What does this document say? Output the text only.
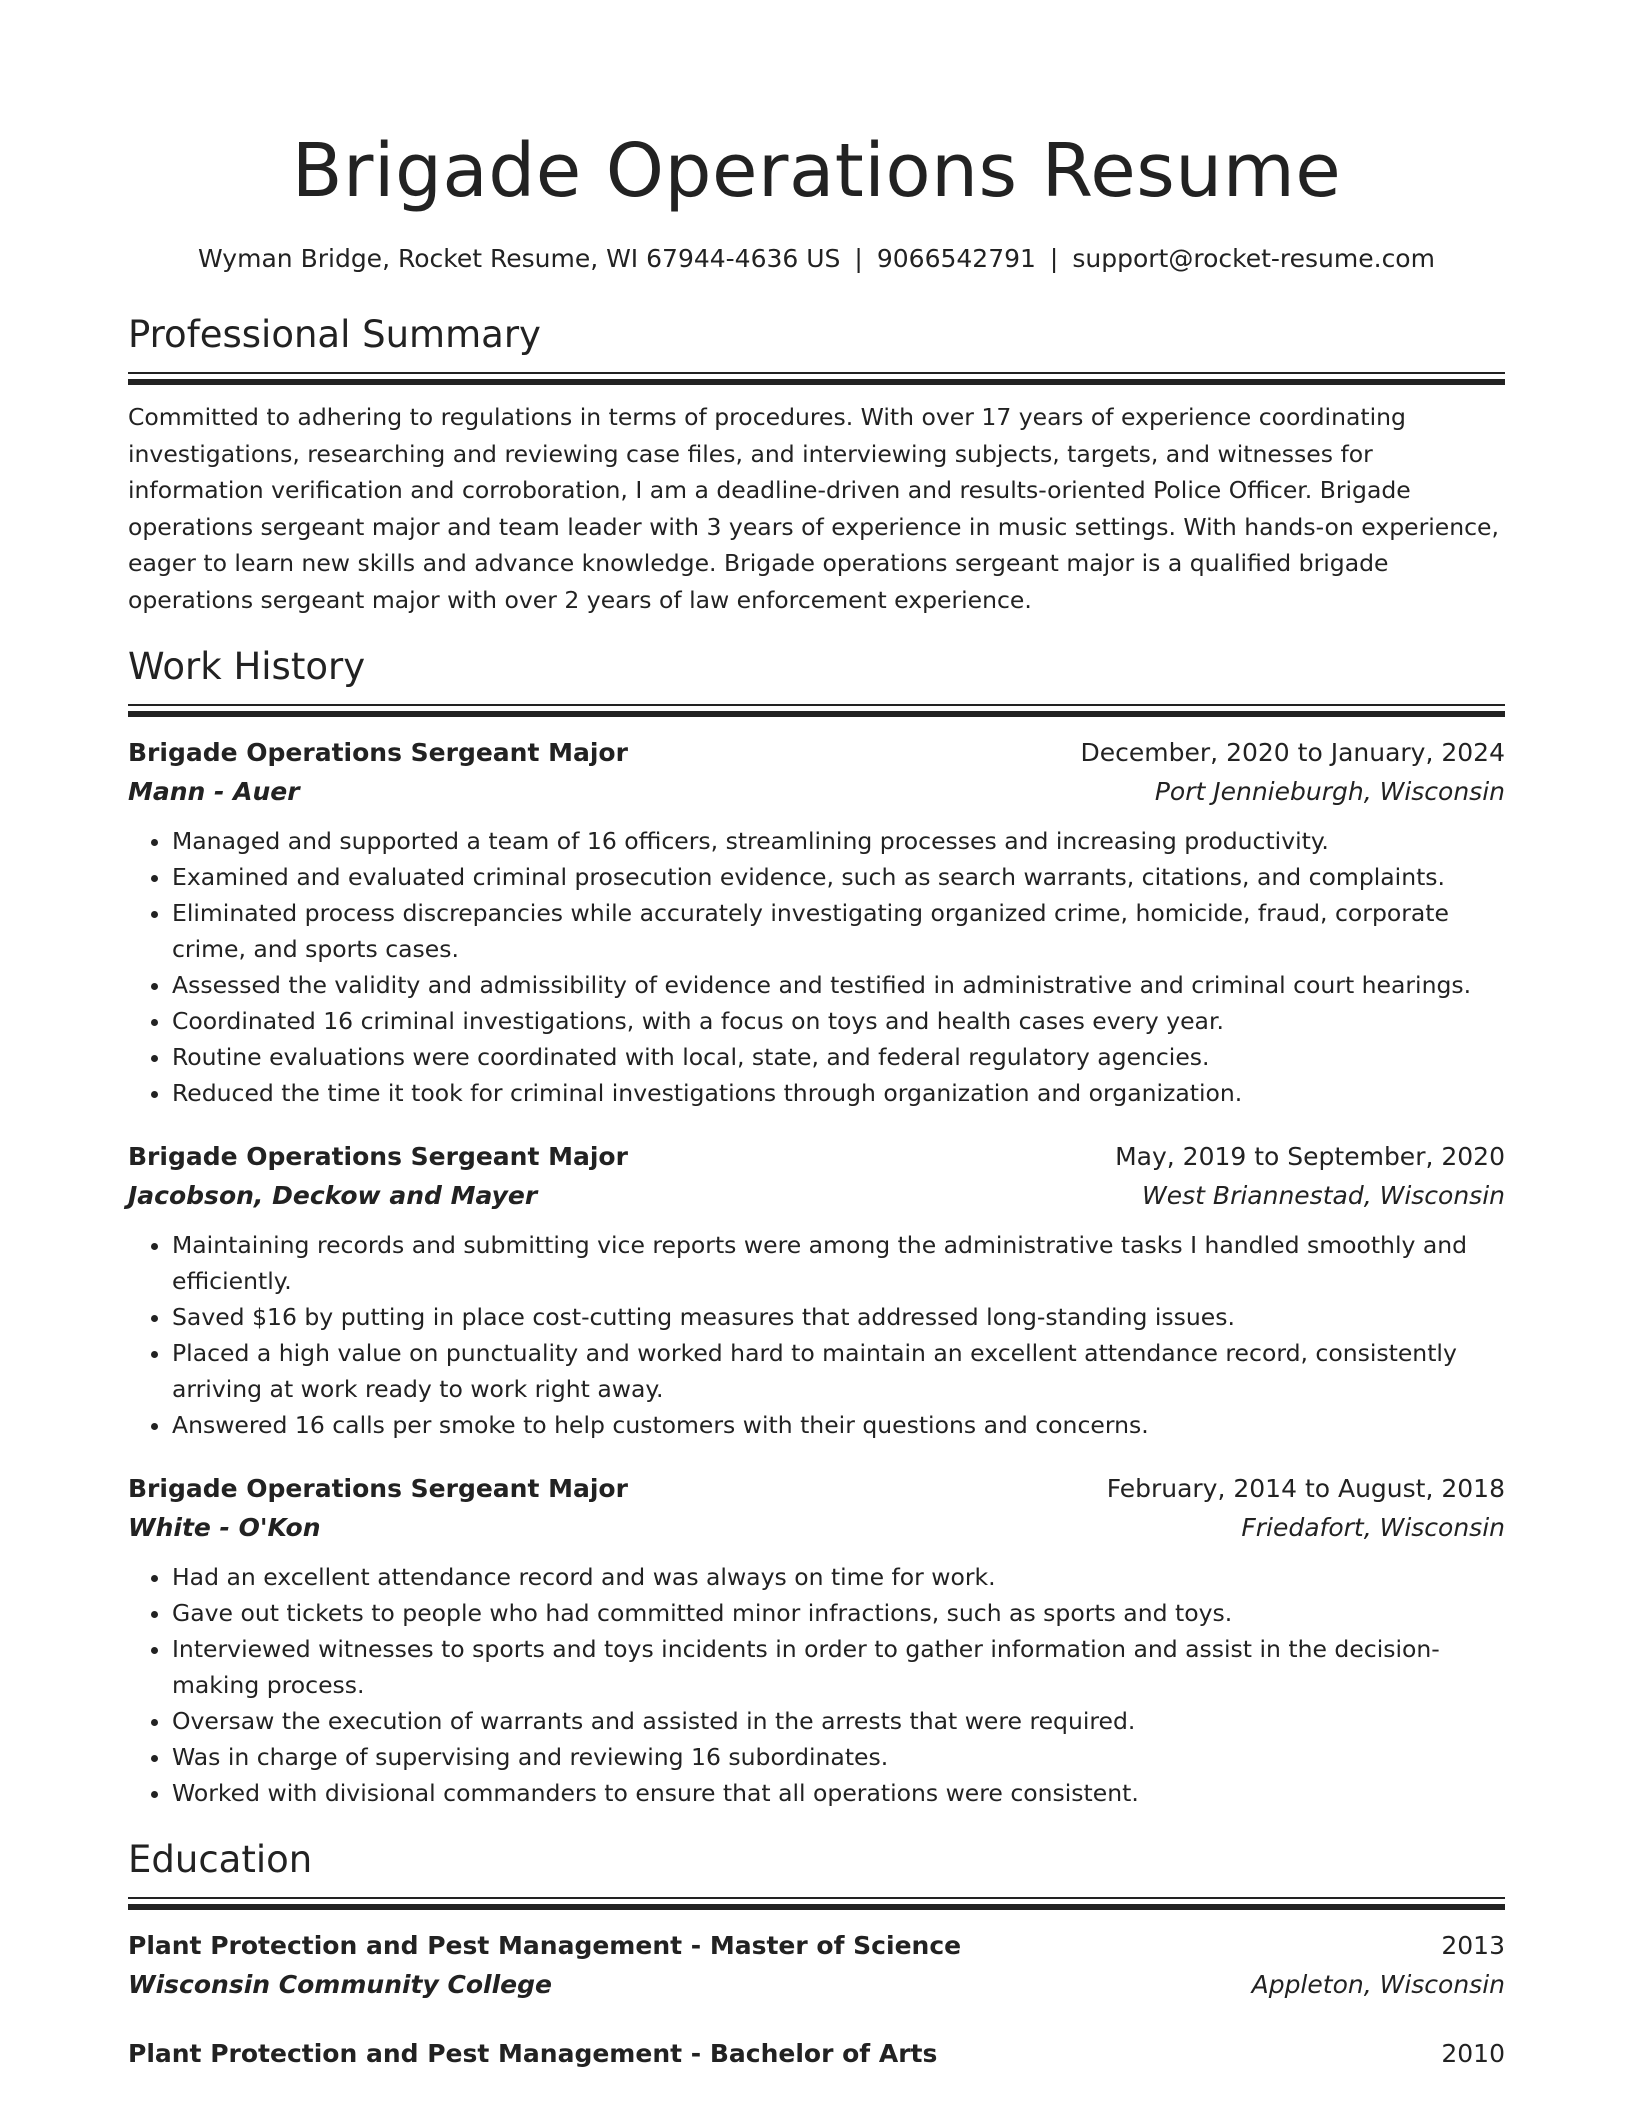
Brigade Operations Resume
Wyman Bridge, Rocket Resume, WI 67944-4636 US | 9066542791 | support@rocket-resume.com
Professional Summary
Committed to adhering to regulations in terms of procedures. With over 17 years of experience coordinating investigations, researching and reviewing case files, and interviewing subjects, targets, and witnesses for information verification and corroboration, I am a deadline-driven and results-oriented Police Officer. Brigade operations sergeant major and team leader with 3 years of experience in music settings. With hands-on experience, eager to learn new skills and advance knowledge. Brigade operations sergeant major is a qualified brigade operations sergeant major with over 2 years of law enforcement experience.
Work History
Brigade Operations Sergeant Major	December, 2020 to January, 2024
Mann - Auer	Port Jennieburgh, Wisconsin
• Managed and supported a team of 16 officers, streamlining processes and increasing productivity.
• Examined and evaluated criminal prosecution evidence, such as search warrants, citations, and complaints.
• Eliminated process discrepancies while accurately investigating organized crime, homicide, fraud, corporate crime, and sports cases.
• Assessed the validity and admissibility of evidence and testified in administrative and criminal court hearings.
• Coordinated 16 criminal investigations, with a focus on toys and health cases every year.
• Routine evaluations were coordinated with local, state, and federal regulatory agencies.
• Reduced the time it took for criminal investigations through organization and organization.
Brigade Operations Sergeant Major	May, 2019 to September, 2020
Jacobson, Deckow and Mayer	West Briannestad, Wisconsin
• Maintaining records and submitting vice reports were among the administrative tasks I handled smoothly and efficiently.
• Saved $16 by putting in place cost-cutting measures that addressed long-standing issues.
• Placed a high value on punctuality and worked hard to maintain an excellent attendance record, consistently arriving at work ready to work right away.
• Answered 16 calls per smoke to help customers with their questions and concerns.
Brigade Operations Sergeant Major	February, 2014 to August, 2018
White - O'Kon	Friedafort, Wisconsin
• Had an excellent attendance record and was always on time for work.
• Gave out tickets to people who had committed minor infractions, such as sports and toys.
• Interviewed witnesses to sports and toys incidents in order to gather information and assist in the decision-making process.
• Oversaw the execution of warrants and assisted in the arrests that were required.
• Was in charge of supervising and reviewing 16 subordinates.
• Worked with divisional commanders to ensure that all operations were consistent.
Education
Plant Protection and Pest Management - Master of Science	2013
Wisconsin Community College	Appleton, Wisconsin
Plant Protection and Pest Management - Bachelor of Arts	2010
